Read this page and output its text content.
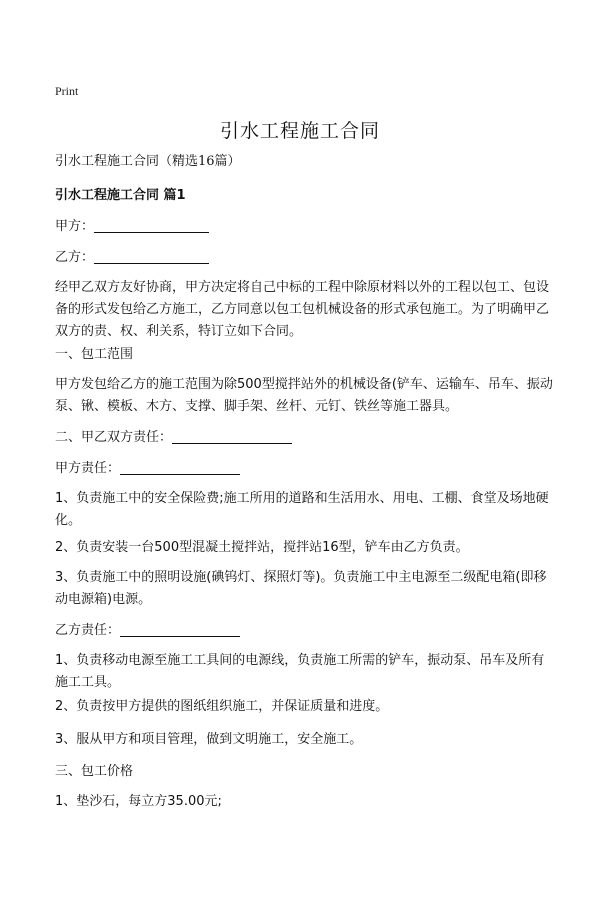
Print
引水工程施工合同
引水工程施工合同（精选16篇）
引水工程施工合同 篇1
甲方：
乙方：
经甲乙双方友好协商，甲方决定将自己中标的工程中除原材料以外的工程以包工、包设备的形式发包给乙方施工，乙方同意以包工包机械设备的形式承包施工。为了明确甲乙双方的责、权、利关系，特订立如下合同。
一、包工范围
甲方发包给乙方的施工范围为除500型搅拌站外的机械设备(铲车、运输车、吊车、振动泵、锹、模板、木方、支撑、脚手架、丝杆、元钉、铁丝等施工器具。
二、甲乙双方责任：
甲方责任：
1、负责施工中的安全保险费;施工所用的道路和生活用水、用电、工棚、食堂及场地硬化。
2、负责安装一台500型混凝土搅拌站，搅拌站16型，铲车由乙方负责。
3、负责施工中的照明设施(碘钨灯、探照灯等)。负责施工中主电源至二级配电箱(即移动电源箱)电源。
乙方责任：
1、负责移动电源至施工工具间的电源线，负责施工所需的铲车，振动泵、吊车及所有施工工具。
2、负责按甲方提供的图纸组织施工，并保证质量和进度。
3、服从甲方和项目管理，做到文明施工，安全施工。
三、包工价格
1、垫沙石，每立方35.00元;
